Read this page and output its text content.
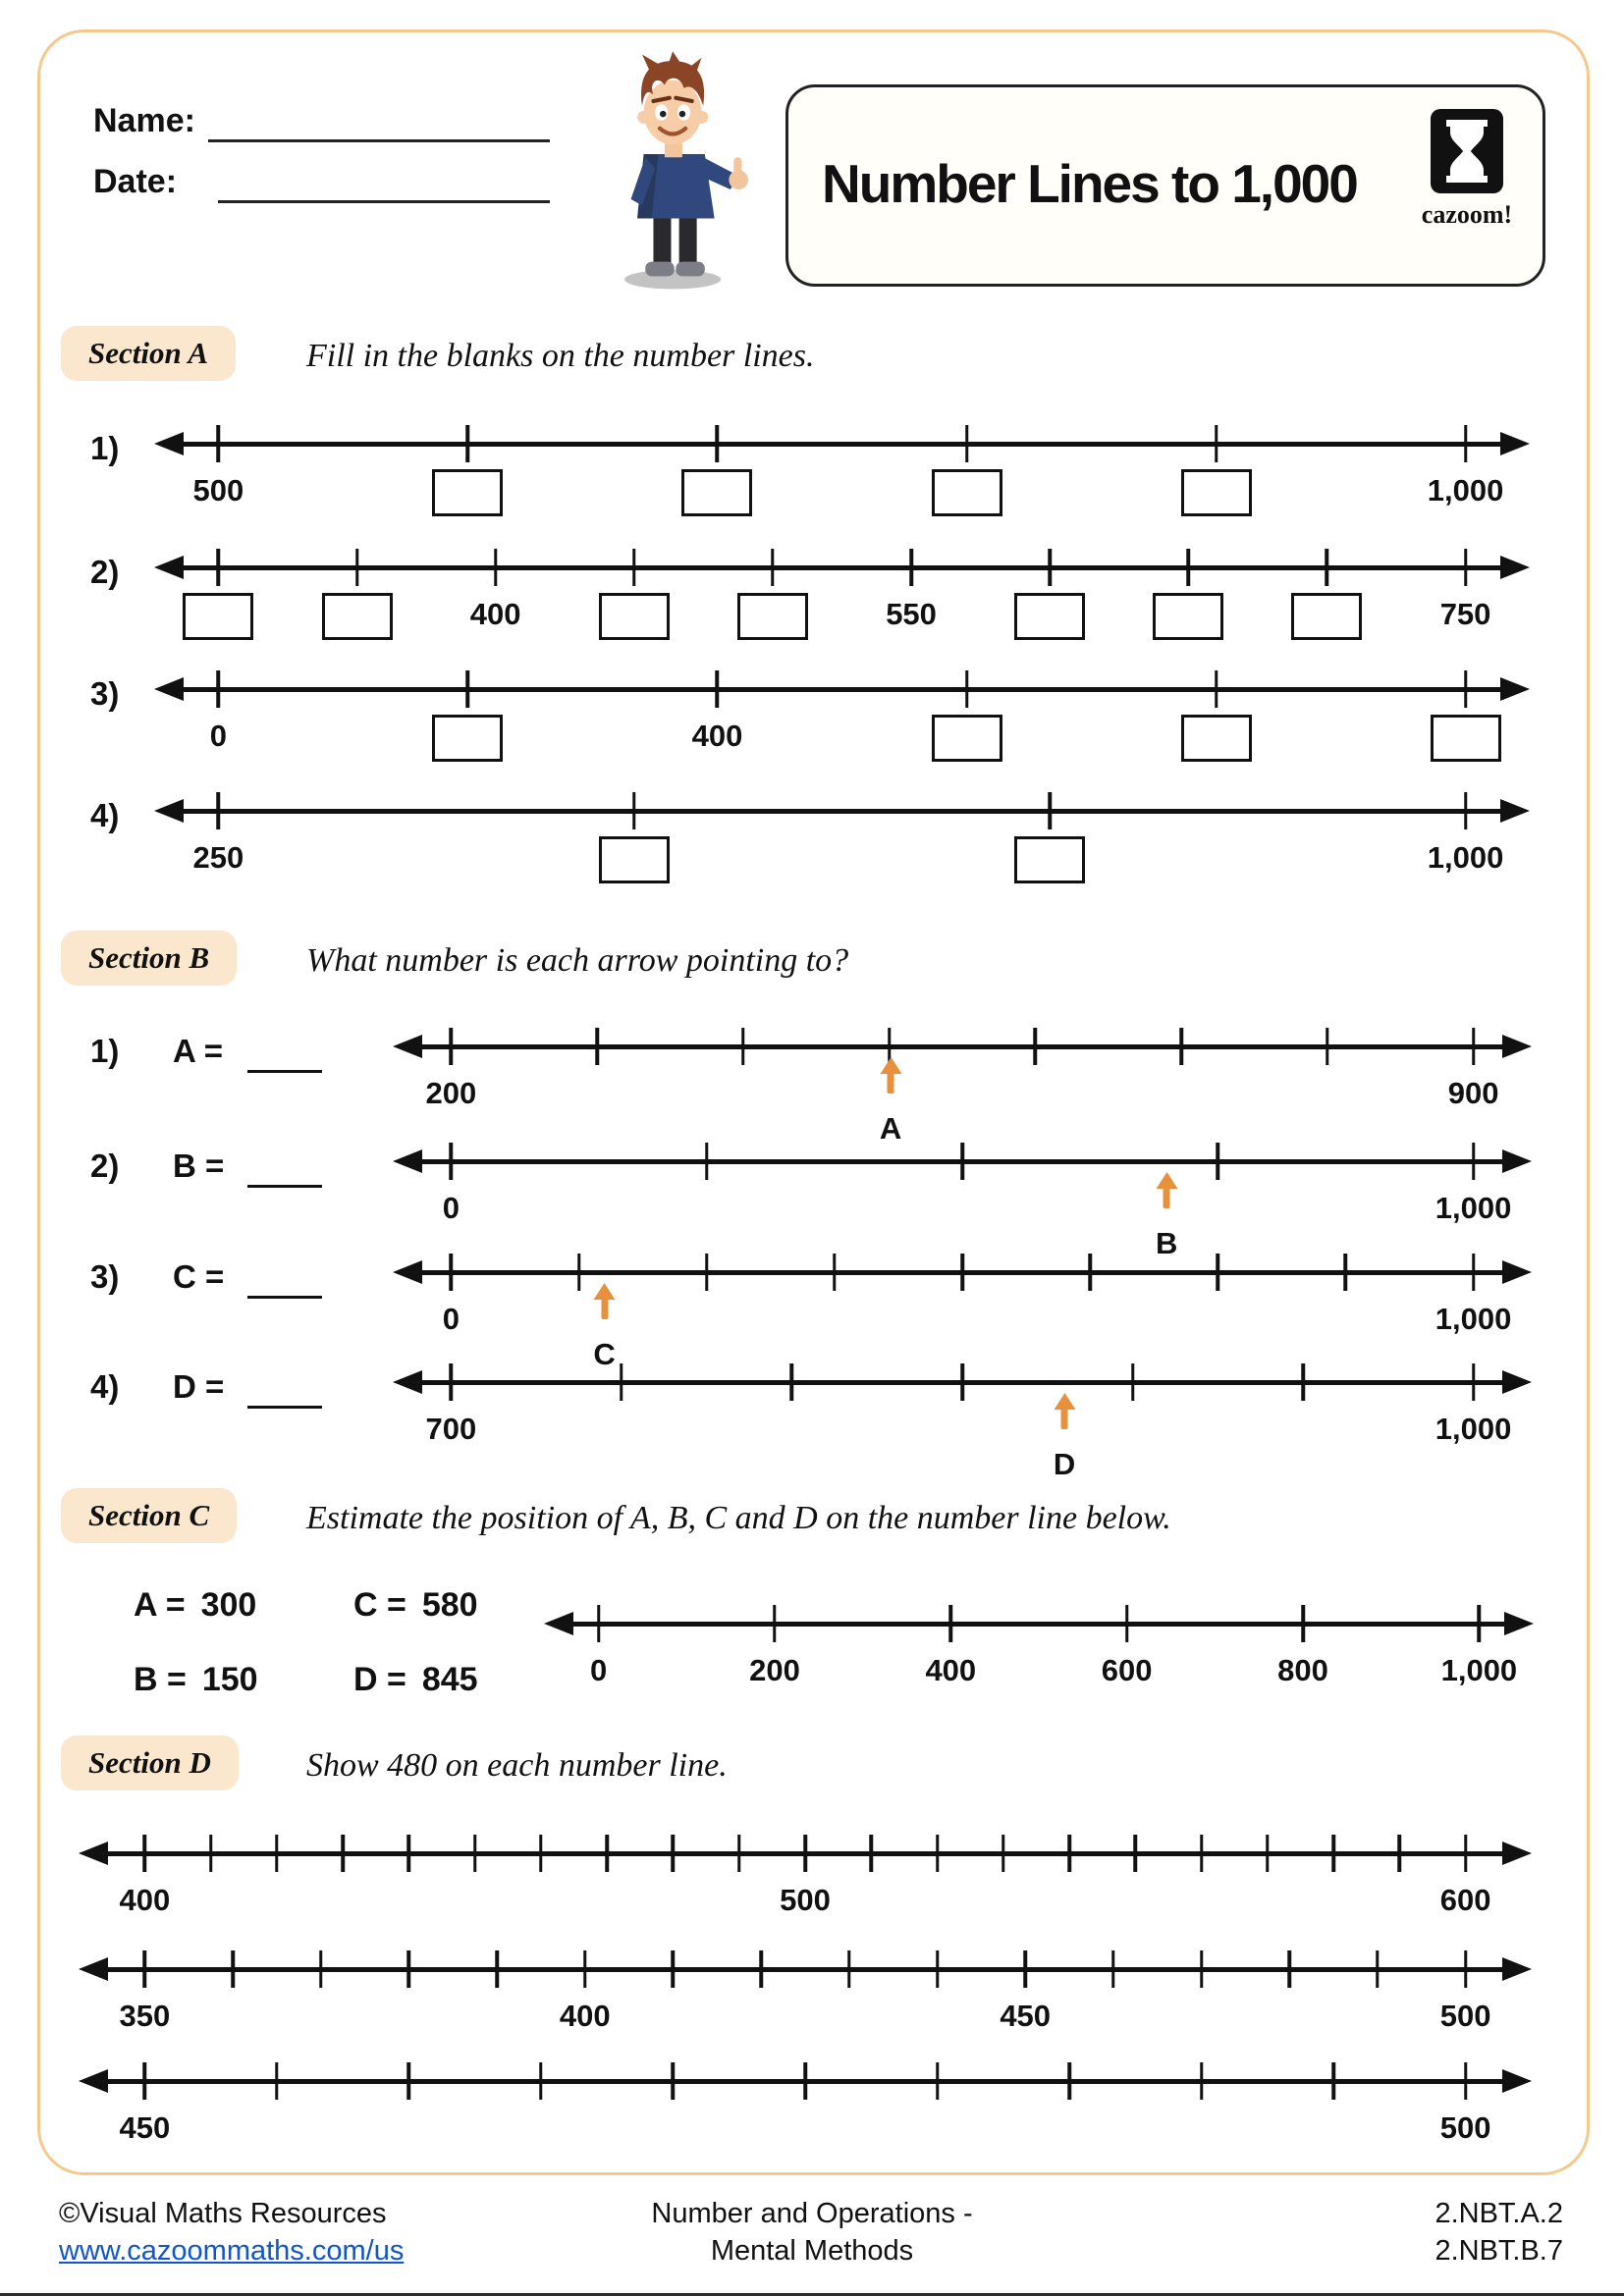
Name:
Date:	Number Lines to 1,000
cazoom!
Section A	Fill in the blanks on the number lines.
1)
500	1,000
2)
400	550	750
3)
0	400
4)
250	1,000
Section B	What number is each arrow pointing to?
1) A =
200	900
A
2) B =
0	1,000
B
3) C =
0	1,000
C
4) D =
700	1,000
D
Section C	Estimate the position of A, B, C and D on the number line below.
A = 300	C = 580
B = 150	D = 845	0	200	400	600	800	1,000
Section D	Show 480 on each number line.
400	500	600
350	400	450	500
450	500
©Visual Maths Resources
www.cazoommaths.com/us
Number and Operations -
Mental Methods
2.NBT.A.2
2.NBT.B.7
